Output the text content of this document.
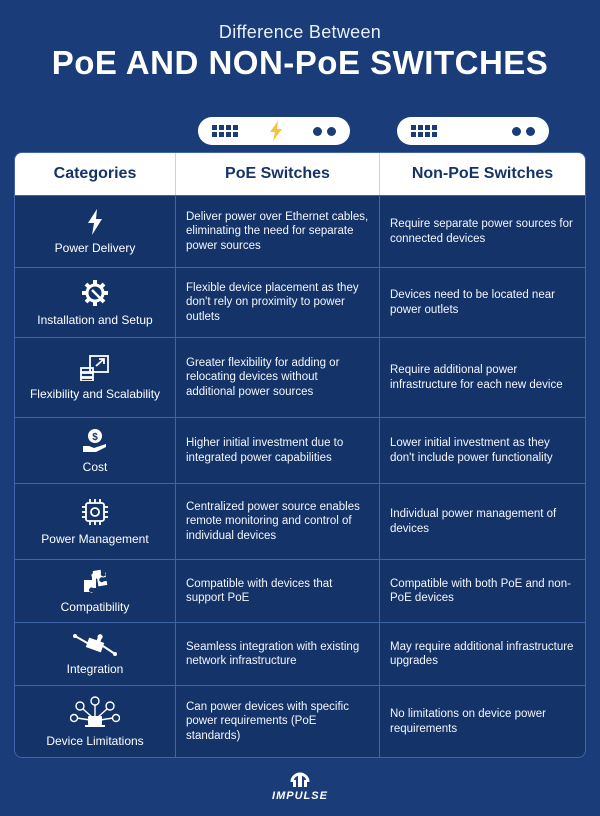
Difference Between
PoE AND NON-PoE SWITCHES
Categories	PoE Switches	Non-PoE Switches
Power Delivery
Deliver power over Ethernet cables, eliminating the need for separate power sources
Require separate power sources for connected devices
Installation and Setup
Flexible device placement as they don't rely on proximity to power outlets
Devices need to be located near power outlets
Flexibility and Scalability
Greater flexibility for adding or relocating devices without additional power sources
Require additional power infrastructure for each new device
$
Cost
Higher initial investment due to integrated power capabilities
Lower initial investment as they don't include power functionality
Power Management
Centralized power source enables remote monitoring and control of individual devices
Individual power management of devices
Compatibility
Compatible with devices that support PoE
Compatible with both PoE and non-PoE devices
Integration
Seamless integration with existing network infrastructure
May require additional infrastructure upgrades
Device Limitations
Can power devices with specific power requirements (PoE standards)
No limitations on device power requirements
IMPULSE
